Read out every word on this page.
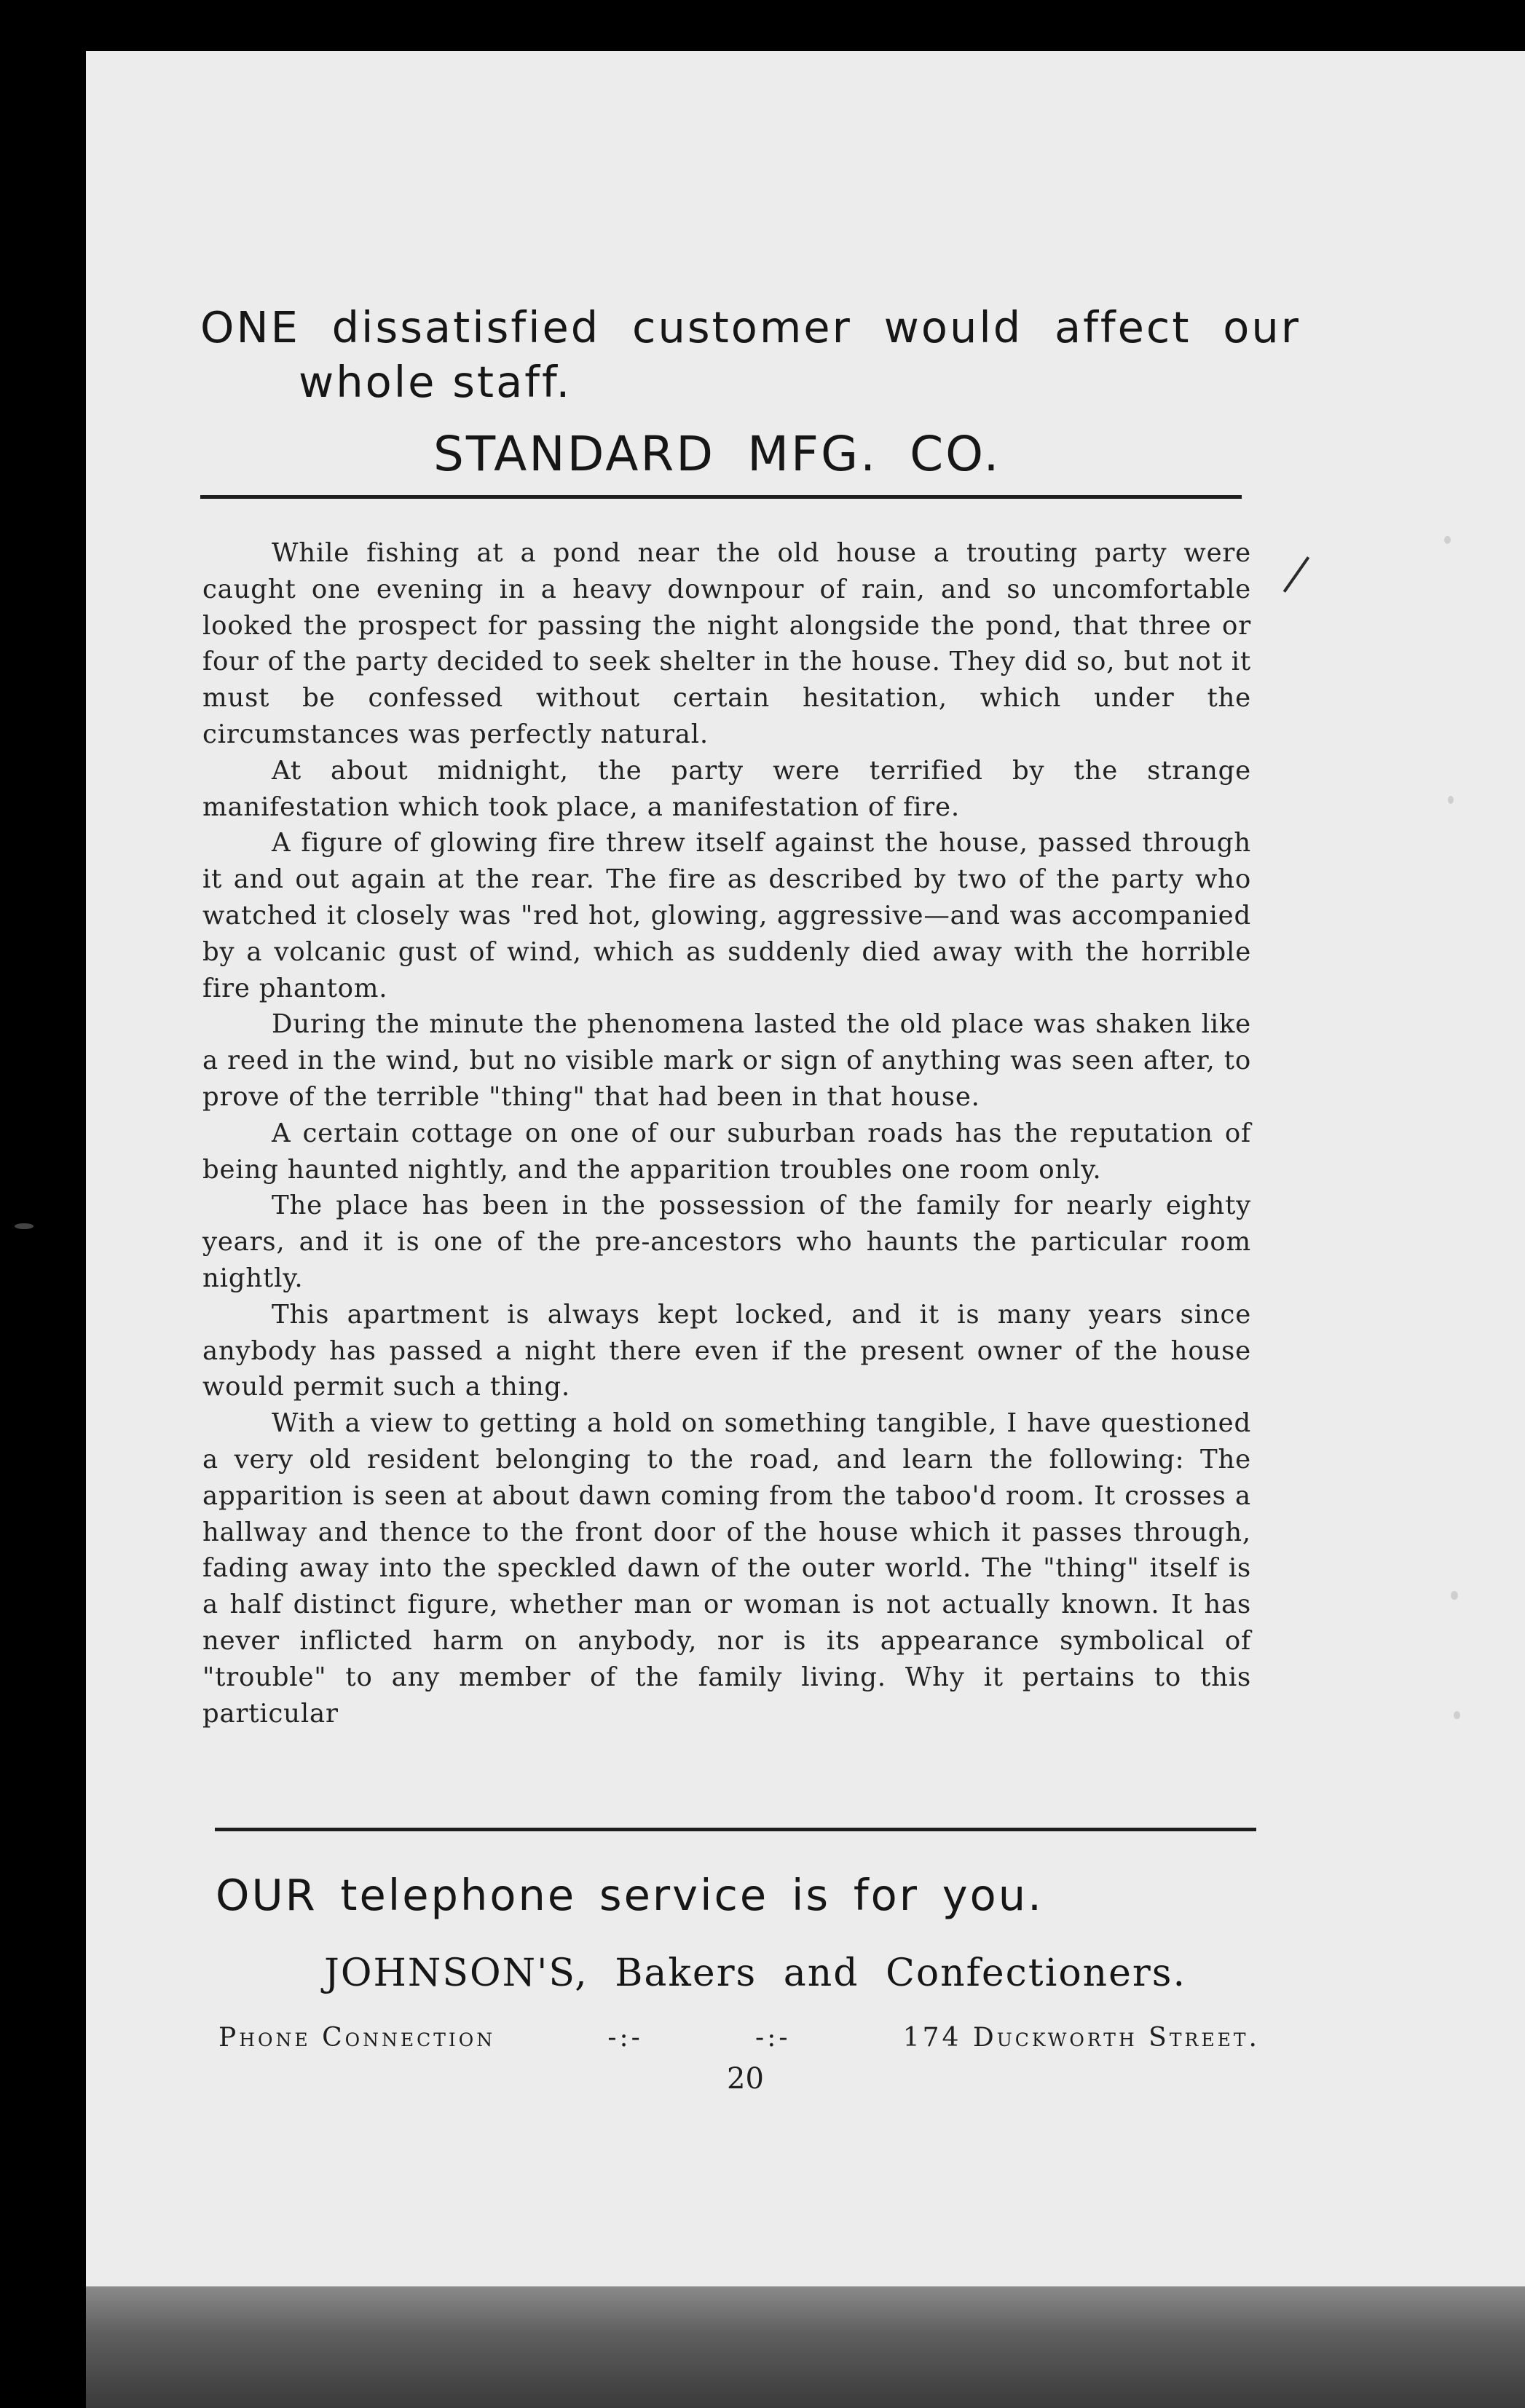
ONE dissatisfied customer would affect our
whole staff.
STANDARD MFG. CO.

While fishing at a pond near the old house a trouting party were caught one evening in a heavy downpour of rain, and so uncomfortable looked the prospect for passing the night alongside the pond, that three or four of the party decided to seek shelter in the house. They did so, but not it must be confessed without certain hesitation, which under the circumstances was perfectly natural.

At about midnight, the party were terrified by the strange manifestation which took place, a manifestation of fire.

A figure of glowing fire threw itself against the house, passed through it and out again at the rear. The fire as described by two of the party who watched it closely was "red hot, glowing, aggressive—and was accompanied by a volcanic gust of wind, which as suddenly died away with the horrible fire phantom.

During the minute the phenomena lasted the old place was shaken like a reed in the wind, but no visible mark or sign of anything was seen after, to prove of the terrible "thing" that had been in that house.

A certain cottage on one of our suburban roads has the reputation of being haunted nightly, and the apparition troubles one room only.

The place has been in the possession of the family for nearly eighty years, and it is one of the pre-ancestors who haunts the particular room nightly.

This apartment is always kept locked, and it is many years since anybody has passed a night there even if the present owner of the house would permit such a thing.

With a view to getting a hold on something tangible, I have questioned a very old resident belonging to the road, and learn the following: The apparition is seen at about dawn coming from the taboo'd room. It crosses a hallway and thence to the front door of the house which it passes through, fading away into the speckled dawn of the outer world. The "thing" itself is a half distinct figure, whether man or woman is not actually known. It has never inflicted harm on anybody, nor is its appearance symbolical of "trouble" to any member of the family living. Why it pertains to this particular

OUR telephone service is for you.
JOHNSON'S, Bakers and Confectioners.
Phone Connection	-:-	-:-	174 Duckworth Street.
20
